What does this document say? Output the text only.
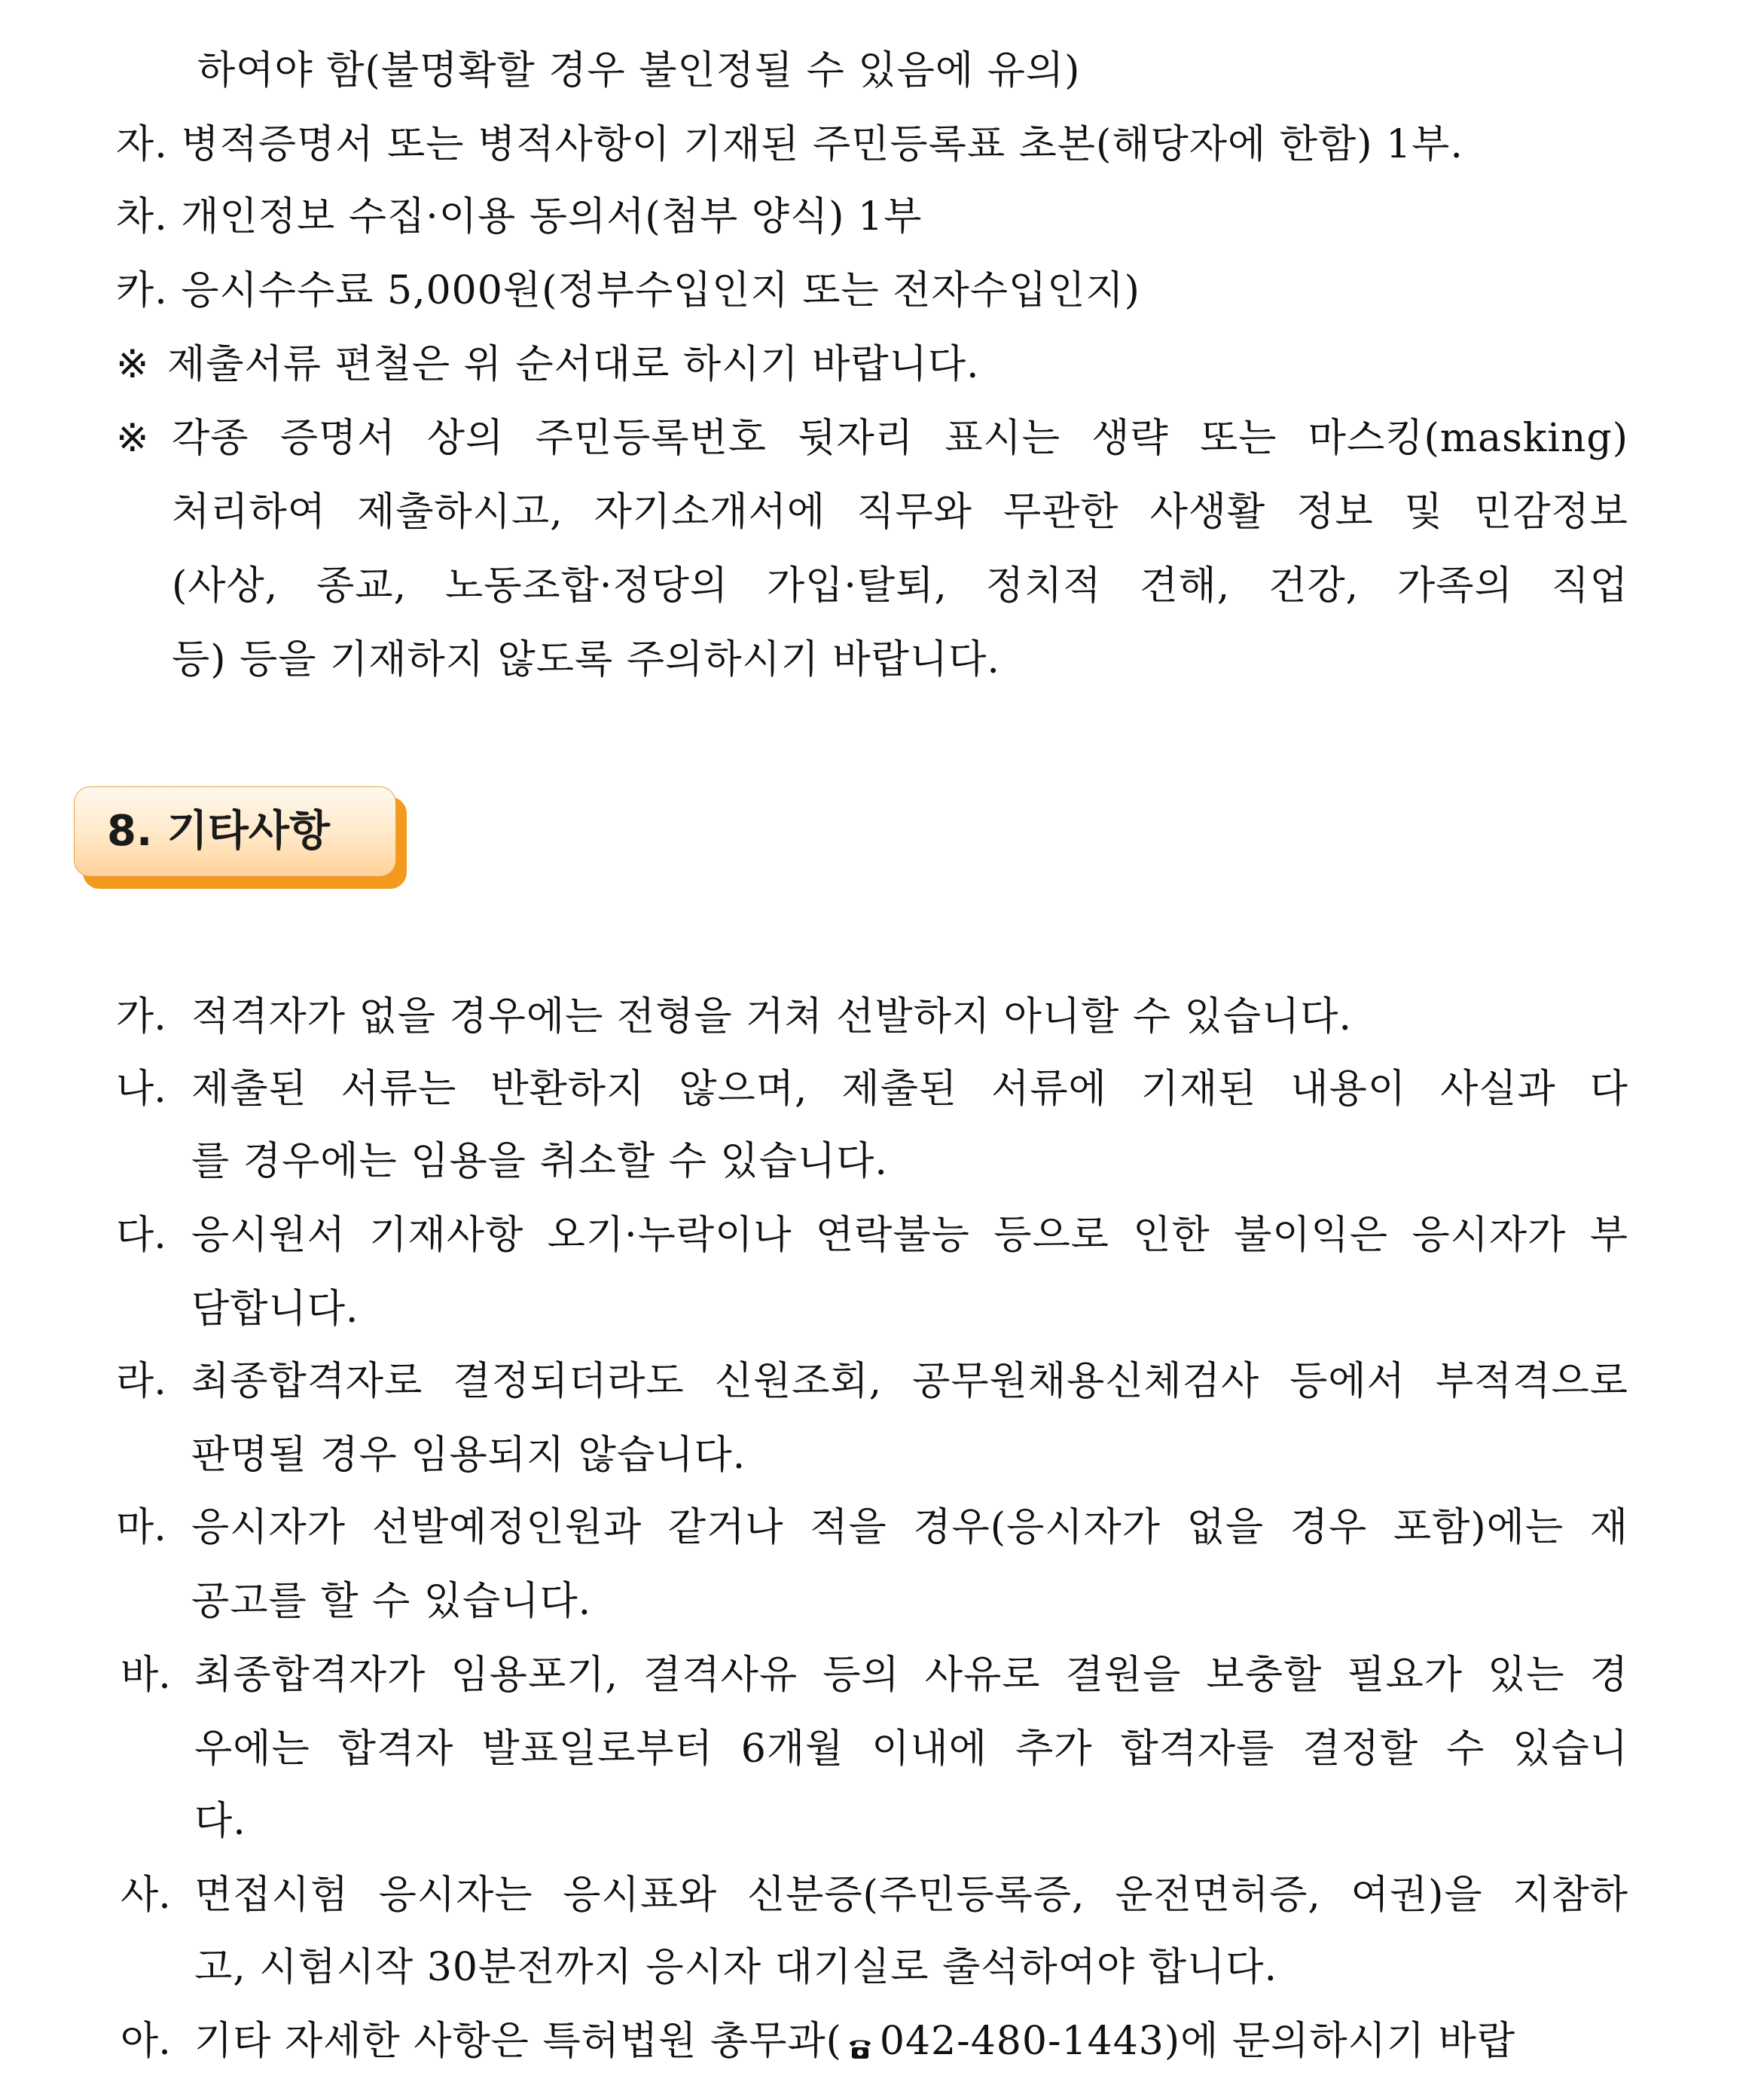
하여야 함(불명확할 경우 불인정될 수 있음에 유의)
자. 병적증명서 또는 병적사항이 기재된 주민등록표 초본(해당자에 한함) 1부.
차. 개인정보 수집·이용 동의서(첨부 양식) 1부
카. 응시수수료 5,000원(정부수입인지 또는 전자수입인지)
※ 제출서류 편철은 위 순서대로 하시기 바랍니다.
※ 각종 증명서 상의 주민등록번호 뒷자리 표시는 생략 또는 마스킹(masking)
처리하여 제출하시고, 자기소개서에 직무와 무관한 사생활 정보 및 민감정보
(사상, 종교, 노동조합·정당의 가입·탈퇴, 정치적 견해, 건강, 가족의 직업
등) 등을 기재하지 않도록 주의하시기 바랍니다.
8. 기타사항
가. 적격자가 없을 경우에는 전형을 거쳐 선발하지 아니할 수 있습니다.
나. 제출된 서류는 반환하지 않으며, 제출된 서류에 기재된 내용이 사실과 다
를 경우에는 임용을 취소할 수 있습니다.
다. 응시원서 기재사항 오기·누락이나 연락불능 등으로 인한 불이익은 응시자가 부
담합니다.
라. 최종합격자로 결정되더라도 신원조회, 공무원채용신체검사 등에서 부적격으로
판명될 경우 임용되지 않습니다.
마. 응시자가 선발예정인원과 같거나 적을 경우(응시자가 없을 경우 포함)에는 재
공고를 할 수 있습니다.
바. 최종합격자가 임용포기, 결격사유 등의 사유로 결원을 보충할 필요가 있는 경
우에는 합격자 발표일로부터 6개월 이내에 추가 합격자를 결정할 수 있습니
다.
사. 면접시험 응시자는 응시표와 신분증(주민등록증, 운전면허증, 여권)을 지참하
고, 시험시작 30분전까지 응시자 대기실로 출석하여야 합니다.
아. 기타 자세한 사항은 특허법원 총무과( 042-480-1443)에 문의하시기 바랍
